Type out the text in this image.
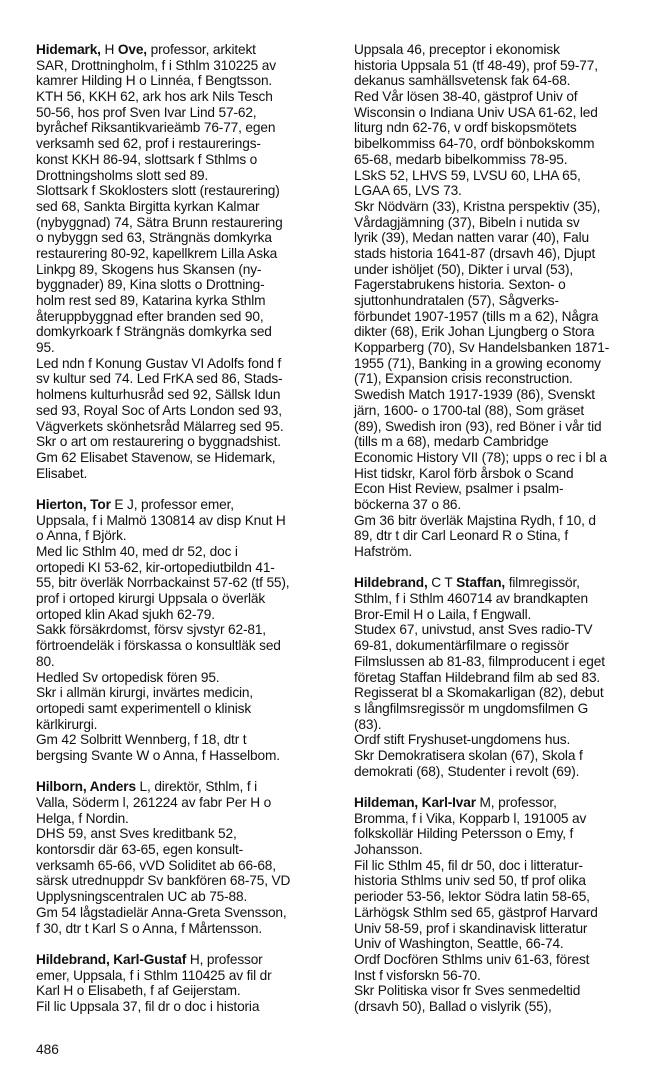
Hidemark, H Ove, professor, arkitekt
SAR, Drottningholm, f i Sthlm 310225 av
kamrer Hilding H o Linnéa, f Bengtsson.
KTH 56, KKH 62, ark hos ark Nils Tesch
50-56, hos prof Sven Ivar Lind 57-62,
byråchef Riksantikvarieämb 76-77, egen
verksamh sed 62, prof i restaurerings-
konst KKH 86-94, slottsark f Sthlms o
Drottningsholms slott sed 89.
Slottsark f Skoklosters slott (restaurering)
sed 68, Sankta Birgitta kyrkan Kalmar
(nybyggnad) 74, Sätra Brunn restaurering
o nybyggn sed 63, Strängnäs domkyrka
restaurering 80-92, kapellkrem Lilla Aska
Linkpg 89, Skogens hus Skansen (ny-
byggnader) 89, Kina slotts o Drottning-
holm rest sed 89, Katarina kyrka Sthlm
återuppbyggnad efter branden sed 90,
domkyrkoark f Strängnäs domkyrka sed
95.
Led ndn f Konung Gustav VI Adolfs fond f
sv kultur sed 74. Led FrKA sed 86, Stads-
holmens kulturhusråd sed 92, Sällsk Idun
sed 93, Royal Soc of Arts London sed 93,
Vägverkets skönhetsråd Mälarreg sed 95.
Skr o art om restaurering o byggnadshist.
Gm 62 Elisabet Stavenow, se Hidemark,
Elisabet.
Hierton, Tor E J, professor emer,
Uppsala, f i Malmö 130814 av disp Knut H
o Anna, f Björk.
Med lic Sthlm 40, med dr 52, doc i
ortopedi KI 53-62, kir-ortopediutbildn 41-
55, bitr överläk Norrbackainst 57-62 (tf 55),
prof i ortoped kirurgi Uppsala o överläk
ortoped klin Akad sjukh 62-79.
Sakk försäkrdomst, försv sjvstyr 62-81,
förtroendeläk i förskassa o konsultläk sed
80.
Hedled Sv ortopedisk fören 95.
Skr i allmän kirurgi, invärtes medicin,
ortopedi samt experimentell o klinisk
kärlkirurgi.
Gm 42 Solbritt Wennberg, f 18, dtr t
bergsing Svante W o Anna, f Hasselbom.
Hilborn, Anders L, direktör, Sthlm, f i
Valla, Söderm l, 261224 av fabr Per H o
Helga, f Nordin.
DHS 59, anst Sves kreditbank 52,
kontorsdir där 63-65, egen konsult-
verksamh 65-66, vVD Soliditet ab 66-68,
särsk utrednuppdr Sv bankfören 68-75, VD
Upplysningscentralen UC ab 75-88.
Gm 54 lågstadielär Anna-Greta Svensson,
f 30, dtr t Karl S o Anna, f Mårtensson.
Hildebrand, Karl-Gustaf H, professor
emer, Uppsala, f i Sthlm 110425 av fil dr
Karl H o Elisabeth, f af Geijerstam.
Fil lic Uppsala 37, fil dr o doc i historia
Uppsala 46, preceptor i ekonomisk
historia Uppsala 51 (tf 48-49), prof 59-77,
dekanus samhällsvetensk fak 64-68.
Red Vår lösen 38-40, gästprof Univ of
Wisconsin o Indiana Univ USA 61-62, led
liturg ndn 62-76, v ordf biskopsmötets
bibelkommiss 64-70, ordf bönbokskomm
65-68, medarb bibelkommiss 78-95.
LSkS 52, LHVS 59, LVSU 60, LHA 65,
LGAA 65, LVS 73.
Skr Nödvärn (33), Kristna perspektiv (35),
Vårdagjämning (37), Bibeln i nutida sv
lyrik (39), Medan natten varar (40), Falu
stads historia 1641-87 (drsavh 46), Djupt
under ishöljet (50), Dikter i urval (53),
Fagerstabrukens historia. Sexton- o
sjuttonhundratalen (57), Sågverks-
förbundet 1907-1957 (tills m a 62), Några
dikter (68), Erik Johan Ljungberg o Stora
Kopparberg (70), Sv Handelsbanken 1871-
1955 (71), Banking in a growing economy
(71), Expansion crisis reconstruction.
Swedish Match 1917-1939 (86), Svenskt
järn, 1600- o 1700-tal (88), Som gräset
(89), Swedish iron (93), red Böner i vår tid
(tills m a 68), medarb Cambridge
Economic History VII (78); upps o rec i bl a
Hist tidskr, Karol förb årsbok o Scand
Econ Hist Review, psalmer i psalm-
böckerna 37 o 86.
Gm 36 bitr överläk Majstina Rydh, f 10, d
89, dtr t dir Carl Leonard R o Stina, f
Hafström.
Hildebrand, C T Staffan, filmregissör,
Sthlm, f i Sthlm 460714 av brandkapten
Bror-Emil H o Laila, f Engwall.
Studex 67, univstud, anst Sves radio-TV
69-81, dokumentärfilmare o regissör
Filmslussen ab 81-83, filmproducent i eget
företag Staffan Hildebrand film ab sed 83.
Regisserat bl a Skomakarligan (82), debut
s långfilmsregissör m ungdomsfilmen G
(83).
Ordf stift Fryshuset-ungdomens hus.
Skr Demokratisera skolan (67), Skola f
demokrati (68), Studenter i revolt (69).
Hildeman, Karl-Ivar M, professor,
Bromma, f i Vika, Kopparb l, 191005 av
folkskollär Hilding Petersson o Emy, f
Johansson.
Fil lic Sthlm 45, fil dr 50, doc i litteratur-
historia Sthlms univ sed 50, tf prof olika
perioder 53-56, lektor Södra latin 58-65,
Lärhögsk Sthlm sed 65, gästprof Harvard
Univ 58-59, prof i skandinavisk litteratur
Univ of Washington, Seattle, 66-74.
Ordf Docfören Sthlms univ 61-63, förest
Inst f visforskn 56-70.
Skr Politiska visor fr Sves senmedeltid
(drsavh 50), Ballad o vislyrik (55),
486
